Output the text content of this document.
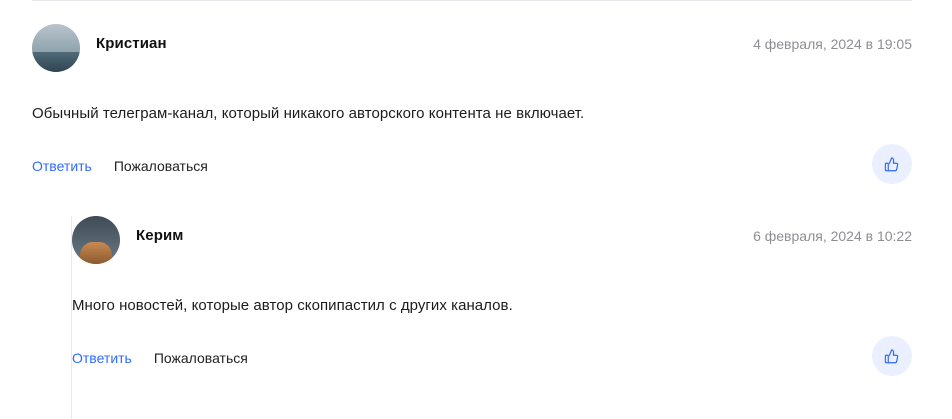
Кристиан	4 февраля, 2024 в 19:05
Обычный телеграм-канал, который никакого авторского контента не включает.
Ответить Пожаловаться
Керим	6 февраля, 2024 в 10:22
Много новостей, которые автор скопипастил с других каналов.
Ответить Пожаловаться
